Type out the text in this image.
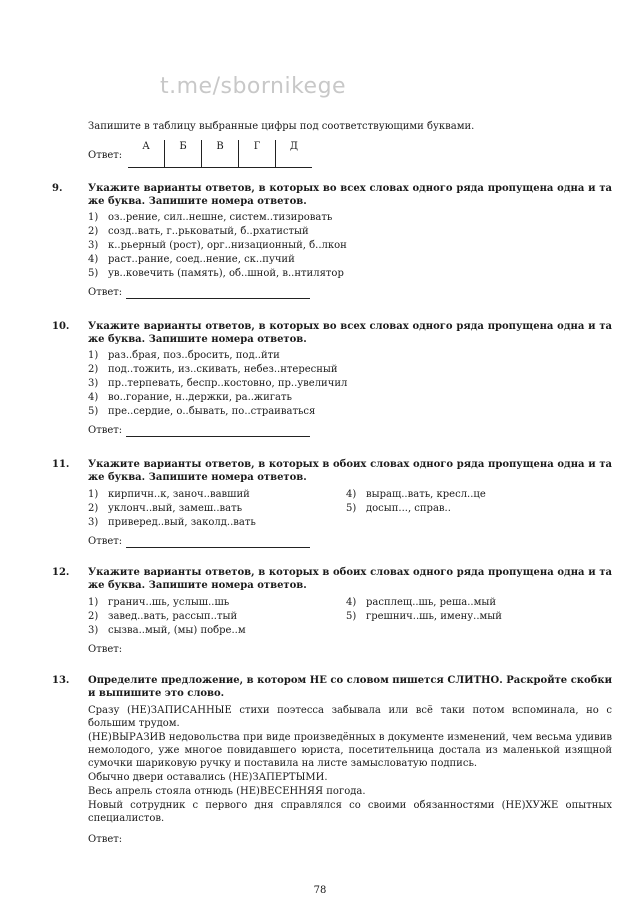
t.me/sbornikege
Запишите в таблицу выбранные цифры под соответствующими буквами.
Ответ:
А	Б	В	Г	Д

9.	Укажите варианты ответов, в которых во всех словах одного ряда пропущена одна и та же буква. Запишите номера ответов.
1) оз..рение, сил..нешне, систем..тизировать
2) созд..вать, г..рьковатый, б..рхатистый
3) к..рьерный (рост), орг..низационный, б..лкон
4) раст..рание, соед..нение, ск..пучий
5) ув..ковечить (память), об..шной, в..нтилятор
Ответ:
10. Укажите варианты ответов, в которых во всех словах одного ряда пропущена одна и та же буква. Запишите номера ответов.
1) раз..брая, поз..бросить, под..йти
2) под..тожить, из..скивать, небез..нтересный
3) пр..терпевать, беспр..костовно, пр..увеличил
4) во..горание, н..держки, ра..жигать
5) пре..сердие, о..бывать, по..страиваться
Ответ:
11. Укажите варианты ответов, в которых в обоих словах одного ряда пропущена одна и та же буква. Запишите номера ответов.
1) кирпичн..к, заноч..вавший
2) уклонч..вый, замеш..вать
3) приверед..вый, заколд..вать
4) выращ..вать, кресл..це
5) досып..., справ..
Ответ:
12. Укажите варианты ответов, в которых в обоих словах одного ряда пропущена одна и та же буква. Запишите номера ответов.
1) гранич..шь, услыш..шь
2) завед..вать, рассып..тый
3) сызва..мый, (мы) побре..м
4) расплещ..шь, реша..мый
5) грешнич..шь, имену..мый
Ответ:
13. Определите предложение, в котором НЕ со словом пишется СЛИТНО. Раскройте скобки и выпишите это слово.
Сразу (НЕ)ЗАПИСАННЫЕ стихи поэтесса забывала или всё таки потом вспоминала, но с большим трудом.
(НЕ)ВЫРАЗИВ недовольства при виде произведённых в документе изменений, чем весьма удивив немолодого, уже многое повидавшего юриста, посетительница достала из маленькой изящной сумочки шариковую ручку и поставила на листе замысловатую подпись.
Обычно двери оставались (НЕ)ЗАПЕРТЫМИ.
Весь апрель стояла отнюдь (НЕ)ВЕСЕННЯЯ погода.
Новый сотрудник с первого дня справлялся со своими обязанностями (НЕ)ХУЖЕ опытных специалистов.
Ответ:
78
